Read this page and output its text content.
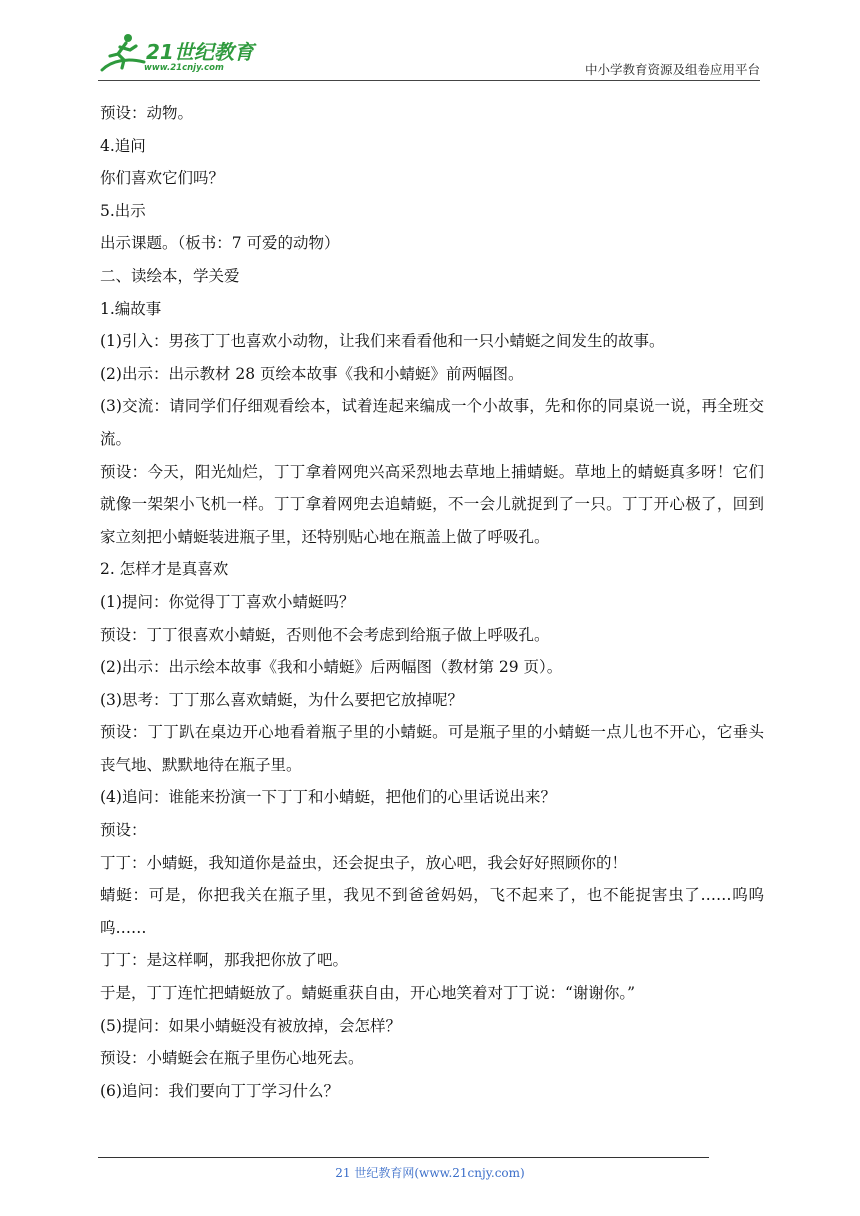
21世纪教育
www.21cnjy.com	中小学教育资源及组卷应用平台
预设：动物。
4.追问
你们喜欢它们吗？
5.出示
出示课题。（板书：7 可爱的动物）
二、读绘本，学关爱
1.编故事
(1)引入：男孩丁丁也喜欢小动物，让我们来看看他和一只小蜻蜓之间发生的故事。
(2)出示：出示教材 28 页绘本故事《我和小蜻蜓》前两幅图。
(3)交流：请同学们仔细观看绘本，试着连起来编成一个小故事，先和你的同桌说一说，再全班交流。
预设：今天，阳光灿烂，丁丁拿着网兜兴高采烈地去草地上捕蜻蜓。草地上的蜻蜓真多呀！它们就像一架架小飞机一样。丁丁拿着网兜去追蜻蜓，不一会儿就捉到了一只。丁丁开心极了，回到家立刻把小蜻蜓装进瓶子里，还特别贴心地在瓶盖上做了呼吸孔。
2. 怎样才是真喜欢
(1)提问：你觉得丁丁喜欢小蜻蜓吗？
预设：丁丁很喜欢小蜻蜓，否则他不会考虑到给瓶子做上呼吸孔。
(2)出示：出示绘本故事《我和小蜻蜓》后两幅图（教材第 29 页）。
(3)思考：丁丁那么喜欢蜻蜓，为什么要把它放掉呢？
预设：丁丁趴在桌边开心地看着瓶子里的小蜻蜓。可是瓶子里的小蜻蜓一点儿也不开心，它垂头丧气地、默默地待在瓶子里。
(4)追问：谁能来扮演一下丁丁和小蜻蜓，把他们的心里话说出来？
预设：
丁丁：小蜻蜓，我知道你是益虫，还会捉虫子，放心吧，我会好好照顾你的！
蜻蜓：可是，你把我关在瓶子里，我见不到爸爸妈妈，飞不起来了，也不能捉害虫了……呜呜呜……
丁丁：是这样啊，那我把你放了吧。
于是，丁丁连忙把蜻蜓放了。蜻蜓重获自由，开心地笑着对丁丁说：“谢谢你。”
(5)提问：如果小蜻蜓没有被放掉，会怎样？
预设：小蜻蜓会在瓶子里伤心地死去。
(6)追问：我们要向丁丁学习什么？
21 世纪教育网(www.21cnjy.com)
